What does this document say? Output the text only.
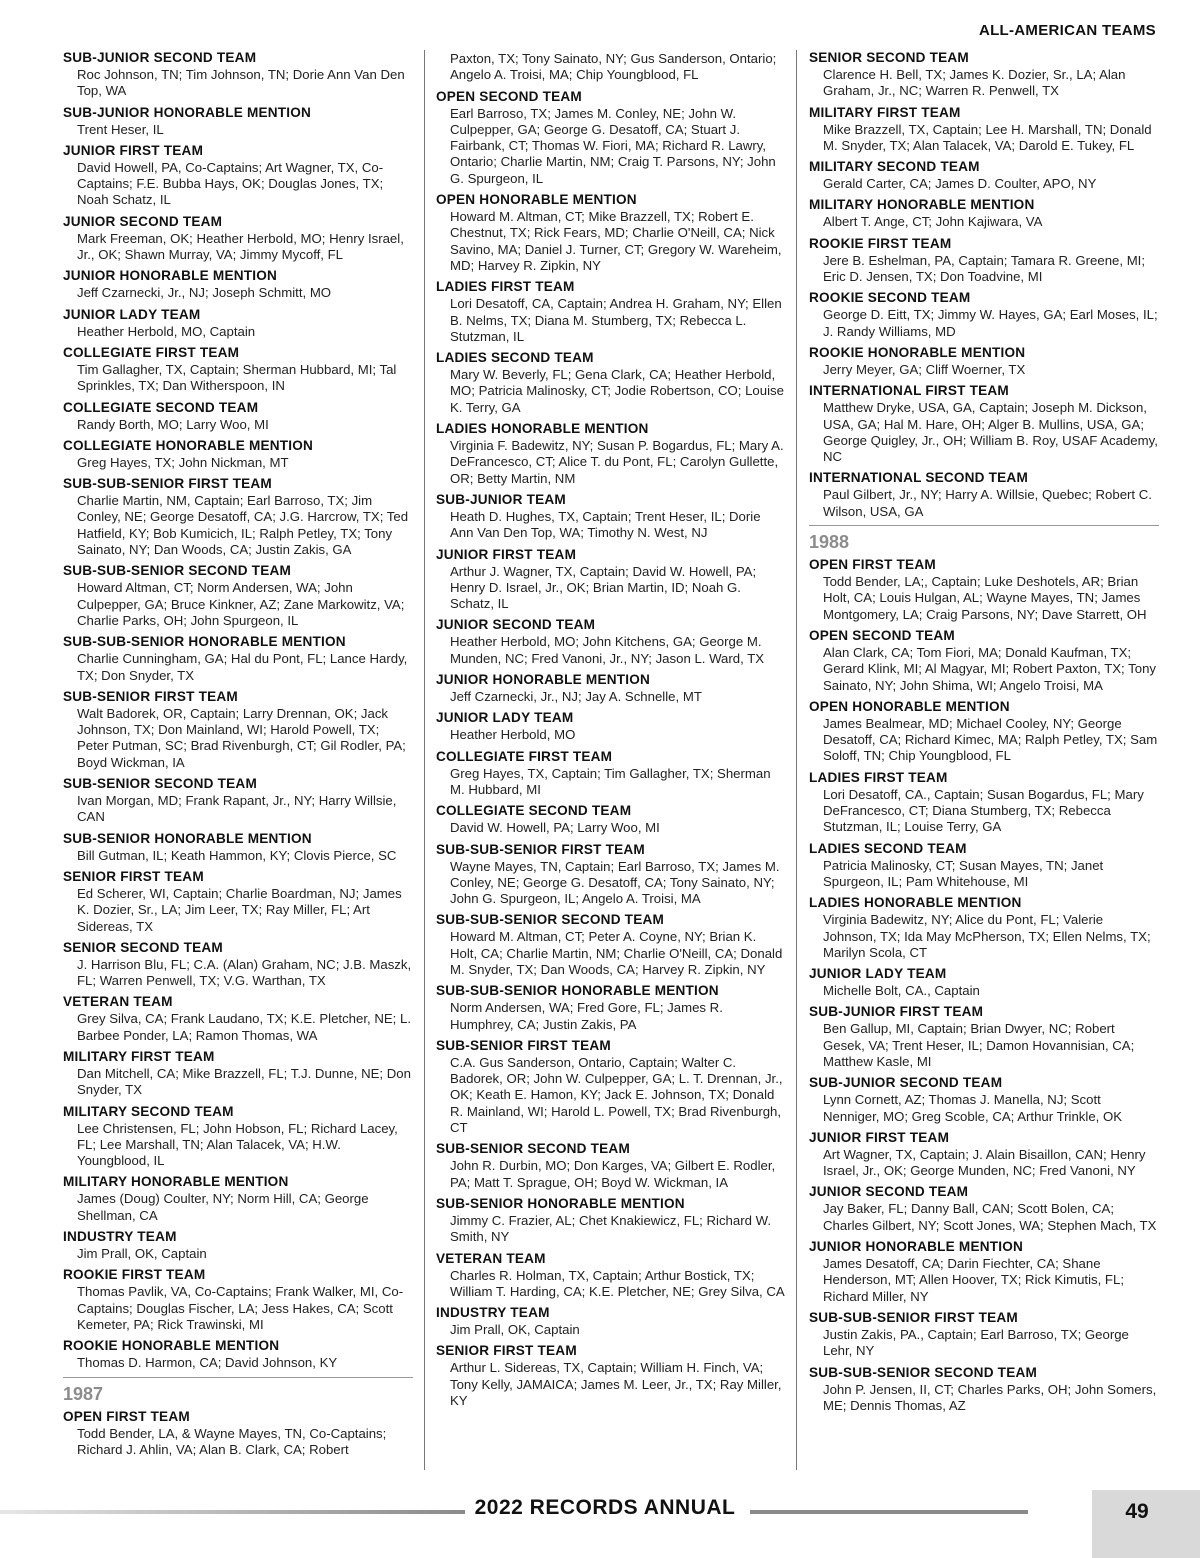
ALL-AMERICAN TEAMS
SUB-JUNIOR SECOND TEAM
Roc Johnson, TN; Tim Johnson, TN; Dorie Ann Van Den Top, WA
SUB-JUNIOR HONORABLE MENTION
Trent Heser, IL
JUNIOR FIRST TEAM
David Howell, PA, Co-Captains; Art Wagner, TX, Co-Captains; F.E. Bubba Hays, OK; Douglas Jones, TX; Noah Schatz, IL
JUNIOR SECOND TEAM
Mark Freeman, OK; Heather Herbold, MO; Henry Israel, Jr., OK; Shawn Murray, VA; Jimmy Mycoff, FL
JUNIOR HONORABLE MENTION
Jeff Czarnecki, Jr., NJ; Joseph Schmitt, MO
JUNIOR LADY TEAM
Heather Herbold, MO, Captain
COLLEGIATE FIRST TEAM
Tim Gallagher, TX, Captain; Sherman Hubbard, MI; Tal Sprinkles, TX; Dan Witherspoon, IN
COLLEGIATE SECOND TEAM
Randy Borth, MO; Larry Woo, MI
COLLEGIATE HONORABLE MENTION
Greg Hayes, TX; John Nickman, MT
SUB-SUB-SENIOR FIRST TEAM
Charlie Martin, NM, Captain; Earl Barroso, TX; Jim Conley, NE; George Desatoff, CA; J.G. Harcrow, TX; Ted Hatfield, KY; Bob Kumicich, IL; Ralph Petley, TX; Tony Sainato, NY; Dan Woods, CA; Justin Zakis, GA
SUB-SUB-SENIOR SECOND TEAM
Howard Altman, CT; Norm Andersen, WA; John Culpepper, GA; Bruce Kinkner, AZ; Zane Markowitz, VA; Charlie Parks, OH; John Spurgeon, IL
SUB-SUB-SENIOR HONORABLE MENTION
Charlie Cunningham, GA; Hal du Pont, FL; Lance Hardy, TX; Don Snyder, TX
SUB-SENIOR FIRST TEAM
Walt Badorek, OR, Captain; Larry Drennan, OK; Jack Johnson, TX; Don Mainland, WI; Harold Powell, TX; Peter Putman, SC; Brad Rivenburgh, CT; Gil Rodler, PA; Boyd Wickman, IA
SUB-SENIOR SECOND TEAM
Ivan Morgan, MD; Frank Rapant, Jr., NY; Harry Willsie, CAN
SUB-SENIOR HONORABLE MENTION
Bill Gutman, IL; Keath Hammon, KY; Clovis Pierce, SC
SENIOR FIRST TEAM
Ed Scherer, WI, Captain; Charlie Boardman, NJ; James K. Dozier, Sr., LA; Jim Leer, TX; Ray Miller, FL; Art Sidereas, TX
SENIOR SECOND TEAM
J. Harrison Blu, FL; C.A. (Alan) Graham, NC; J.B. Maszk, FL; Warren Penwell, TX; V.G. Warthan, TX
VETERAN TEAM
Grey Silva, CA; Frank Laudano, TX; K.E. Pletcher, NE; L. Barbee Ponder, LA; Ramon Thomas, WA
MILITARY FIRST TEAM
Dan Mitchell, CA; Mike Brazzell, FL; T.J. Dunne, NE; Don Snyder, TX
MILITARY SECOND TEAM
Lee Christensen, FL; John Hobson, FL; Richard Lacey, FL; Lee Marshall, TN; Alan Talacek, VA; H.W. Youngblood, IL
MILITARY HONORABLE MENTION
James (Doug) Coulter, NY; Norm Hill, CA; George Shellman, CA
INDUSTRY TEAM
Jim Prall, OK, Captain
ROOKIE FIRST TEAM
Thomas Pavlik, VA, Co-Captains; Frank Walker, MI, Co-Captains; Douglas Fischer, LA; Jess Hakes, CA; Scott Kemeter, PA; Rick Trawinski, MI
ROOKIE HONORABLE MENTION
Thomas D. Harmon, CA; David Johnson, KY
1987
OPEN FIRST TEAM
Todd Bender, LA, & Wayne Mayes, TN, Co-Captains; Richard J. Ahlin, VA; Alan B. Clark, CA; Robert
Paxton, TX; Tony Sainato, NY; Gus Sanderson, Ontario; Angelo A. Troisi, MA; Chip Youngblood, FL
OPEN SECOND TEAM
Earl Barroso, TX; James M. Conley, NE; John W. Culpepper, GA; George G. Desatoff, CA; Stuart J. Fairbank, CT; Thomas W. Fiori, MA; Richard R. Lawry, Ontario; Charlie Martin, NM; Craig T. Parsons, NY; John G. Spurgeon, IL
OPEN HONORABLE MENTION
Howard M. Altman, CT; Mike Brazzell, TX; Robert E. Chestnut, TX; Rick Fears, MD; Charlie O'Neill, CA; Nick Savino, MA; Daniel J. Turner, CT; Gregory W. Wareheim, MD; Harvey R. Zipkin, NY
LADIES FIRST TEAM
Lori Desatoff, CA, Captain; Andrea H. Graham, NY; Ellen B. Nelms, TX; Diana M. Stumberg, TX; Rebecca L. Stutzman, IL
LADIES SECOND TEAM
Mary W. Beverly, FL; Gena Clark, CA; Heather Herbold, MO; Patricia Malinosky, CT; Jodie Robertson, CO; Louise K. Terry, GA
LADIES HONORABLE MENTION
Virginia F. Badewitz, NY; Susan P. Bogardus, FL; Mary A. DeFrancesco, CT; Alice T. du Pont, FL; Carolyn Gullette, OR; Betty Martin, NM
SUB-JUNIOR TEAM
Heath D. Hughes, TX, Captain; Trent Heser, IL; Dorie Ann Van Den Top, WA; Timothy N. West, NJ
JUNIOR FIRST TEAM
Arthur J. Wagner, TX, Captain; David W. Howell, PA; Henry D. Israel, Jr., OK; Brian Martin, ID; Noah G. Schatz, IL
JUNIOR SECOND TEAM
Heather Herbold, MO; John Kitchens, GA; George M. Munden, NC; Fred Vanoni, Jr., NY; Jason L. Ward, TX
JUNIOR HONORABLE MENTION
Jeff Czarnecki, Jr., NJ; Jay A. Schnelle, MT
JUNIOR LADY TEAM
Heather Herbold, MO
COLLEGIATE FIRST TEAM
Greg Hayes, TX, Captain; Tim Gallagher, TX; Sherman M. Hubbard, MI
COLLEGIATE SECOND TEAM
David W. Howell, PA; Larry Woo, MI
SUB-SUB-SENIOR FIRST TEAM
Wayne Mayes, TN, Captain; Earl Barroso, TX; James M. Conley, NE; George G. Desatoff, CA; Tony Sainato, NY; John G. Spurgeon, IL; Angelo A. Troisi, MA
SUB-SUB-SENIOR SECOND TEAM
Howard M. Altman, CT; Peter A. Coyne, NY; Brian K. Holt, CA; Charlie Martin, NM; Charlie O'Neill, CA; Donald M. Snyder, TX; Dan Woods, CA; Harvey R. Zipkin, NY
SUB-SUB-SENIOR HONORABLE MENTION
Norm Andersen, WA; Fred Gore, FL; James R. Humphrey, CA; Justin Zakis, PA
SUB-SENIOR FIRST TEAM
C.A. Gus Sanderson, Ontario, Captain; Walter C. Badorek, OR; John W. Culpepper, GA; L. T. Drennan, Jr., OK; Keath E. Hamon, KY; Jack E. Johnson, TX; Donald R. Mainland, WI; Harold L. Powell, TX; Brad Rivenburgh, CT
SUB-SENIOR SECOND TEAM
John R. Durbin, MO; Don Karges, VA; Gilbert E. Rodler, PA; Matt T. Sprague, OH; Boyd W. Wickman, IA
SUB-SENIOR HONORABLE MENTION
Jimmy C. Frazier, AL; Chet Knakiewicz, FL; Richard W. Smith, NY
VETERAN TEAM
Charles R. Holman, TX, Captain; Arthur Bostick, TX; William T. Harding, CA; K.E. Pletcher, NE; Grey Silva, CA
INDUSTRY TEAM
Jim Prall, OK, Captain
SENIOR FIRST TEAM
Arthur L. Sidereas, TX, Captain; William H. Finch, VA; Tony Kelly, JAMAICA; James M. Leer, Jr., TX; Ray Miller, KY
SENIOR SECOND TEAM
Clarence H. Bell, TX; James K. Dozier, Sr., LA; Alan Graham, Jr., NC; Warren R. Penwell, TX
MILITARY FIRST TEAM
Mike Brazzell, TX, Captain; Lee H. Marshall, TN; Donald M. Snyder, TX; Alan Talacek, VA; Darold E. Tukey, FL
MILITARY SECOND TEAM
Gerald Carter, CA; James D. Coulter, APO, NY
MILITARY HONORABLE MENTION
Albert T. Ange, CT; John Kajiwara, VA
ROOKIE FIRST TEAM
Jere B. Eshelman, PA, Captain; Tamara R. Greene, MI; Eric D. Jensen, TX; Don Toadvine, MI
ROOKIE SECOND TEAM
George D. Eitt, TX; Jimmy W. Hayes, GA; Earl Moses, IL; J. Randy Williams, MD
ROOKIE HONORABLE MENTION
Jerry Meyer, GA; Cliff Woerner, TX
INTERNATIONAL FIRST TEAM
Matthew Dryke, USA, GA, Captain; Joseph M. Dickson, USA, GA; Hal M. Hare, OH; Alger B. Mullins, USA, GA; George Quigley, Jr., OH; William B. Roy, USAF Academy, NC
INTERNATIONAL SECOND TEAM
Paul Gilbert, Jr., NY; Harry A. Willsie, Quebec; Robert C. Wilson, USA, GA
1988
OPEN FIRST TEAM
Todd Bender, LA;, Captain; Luke Deshotels, AR; Brian Holt, CA; Louis Hulgan, AL; Wayne Mayes, TN; James Montgomery, LA; Craig Parsons, NY; Dave Starrett, OH
OPEN SECOND TEAM
Alan Clark, CA; Tom Fiori, MA; Donald Kaufman, TX; Gerard Klink, MI; Al Magyar, MI; Robert Paxton, TX; Tony Sainato, NY; John Shima, WI; Angelo Troisi, MA
OPEN HONORABLE MENTION
James Bealmear, MD; Michael Cooley, NY; George Desatoff, CA; Richard Kimec, MA; Ralph Petley, TX; Sam Soloff, TN; Chip Youngblood, FL
LADIES FIRST TEAM
Lori Desatoff, CA., Captain; Susan Bogardus, FL; Mary DeFrancesco, CT; Diana Stumberg, TX; Rebecca Stutzman, IL; Louise Terry, GA
LADIES SECOND TEAM
Patricia Malinosky, CT; Susan Mayes, TN; Janet Spurgeon, IL; Pam Whitehouse, MI
LADIES HONORABLE MENTION
Virginia Badewitz, NY; Alice du Pont, FL; Valerie Johnson, TX; Ida May McPherson, TX; Ellen Nelms, TX; Marilyn Scola, CT
JUNIOR LADY TEAM
Michelle Bolt, CA., Captain
SUB-JUNIOR FIRST TEAM
Ben Gallup, MI, Captain; Brian Dwyer, NC; Robert Gesek, VA; Trent Heser, IL; Damon Hovannisian, CA; Matthew Kasle, MI
SUB-JUNIOR SECOND TEAM
Lynn Cornett, AZ; Thomas J. Manella, NJ; Scott Nenniger, MO; Greg Scoble, CA; Arthur Trinkle, OK
JUNIOR FIRST TEAM
Art Wagner, TX, Captain; J. Alain Bisaillon, CAN; Henry Israel, Jr., OK; George Munden, NC; Fred Vanoni, NY
JUNIOR SECOND TEAM
Jay Baker, FL; Danny Ball, CAN; Scott Bolen, CA; Charles Gilbert, NY; Scott Jones, WA; Stephen Mach, TX
JUNIOR HONORABLE MENTION
James Desatoff, CA; Darin Fiechter, CA; Shane Henderson, MT; Allen Hoover, TX; Rick Kimutis, FL; Richard Miller, NY
SUB-SUB-SENIOR FIRST TEAM
Justin Zakis, PA., Captain; Earl Barroso, TX; George Lehr, NY
SUB-SUB-SENIOR SECOND TEAM
John P. Jensen, II, CT; Charles Parks, OH; John Somers, ME; Dennis Thomas, AZ
2022 RECORDS ANNUAL	49
